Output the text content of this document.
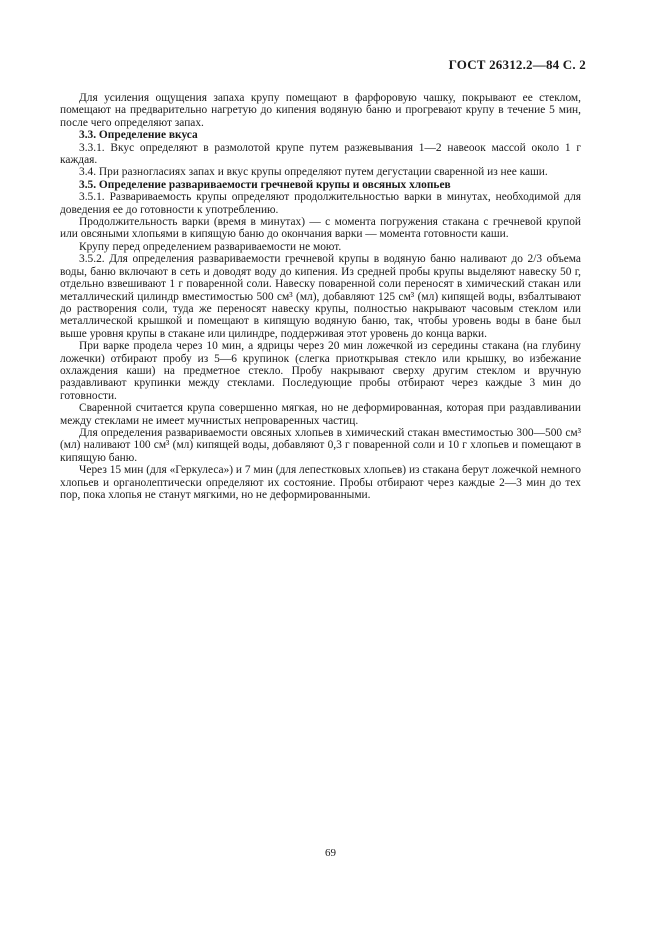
ГОСТ 26312.2—84 С. 2

Для усиления ощущения запаха крупу помещают в фарфоровую чашку, покрывают ее стеклом, помещают на предварительно нагретую до кипения водяную баню и прогревают крупу в течение 5 мин, после чего определяют запах.

3.3. Определение вкуса

3.3.1. Вкус определяют в размолотой крупе путем разжевывания 1—2 навеоок массой около 1 г каждая.

3.4. При разногласиях запах и вкус крупы определяют путем дегустации сваренной из нее каши.

3.5. Определение развариваемости гречневой крупы и овсяных хлопьев

3.5.1. Развариваемость крупы определяют продолжительностью варки в минутах, необходимой для доведения ее до готовности к употреблению.

Продолжительность варки (время в минутах) — с момента погружения стакана с гречневой крупой или овсяными хлопьями в кипящую баню до окончания варки — момента готовности каши.

Крупу перед определением развариваемости не моют.

3.5.2. Для определения развариваемости гречневой крупы в водяную баню наливают до 2/3 объема воды, баню включают в сеть и доводят воду до кипения. Из средней пробы крупы выделяют навеску 50 г, отдельно взвешивают 1 г поваренной соли. Навеску поваренной соли переносят в химический стакан или металлический цилиндр вместимостью 500 см³ (мл), добавляют 125 см³ (мл) кипящей воды, взбалтывают до растворения соли, туда же переносят навеску крупы, полностью накрывают часовым стеклом или металлической крышкой и помещают в кипящую водяную баню, так, чтобы уровень воды в бане был выше уровня крупы в стакане или цилиндре, поддерживая этот уровень до конца варки.

При варке продела через 10 мин, а ядрицы через 20 мин ложечкой из середины стакана (на глубину ложечки) отбирают пробу из 5—6 крупинок (слегка приоткрывая стекло или крышку, во избежание охлаждения каши) на предметное стекло. Пробу накрывают сверху другим стеклом и вручную раздавливают крупинки между стеклами. Последующие пробы отбирают через каждые 3 мин до готовности.

Сваренной считается крупа совершенно мягкая, но не деформированная, которая при раздавливании между стеклами не имеет мучнистых непроваренных частиц.

Для определения развариваемости овсяных хлопьев в химический стакан вместимостью 300—500 см³ (мл) наливают 100 см³ (мл) кипящей воды, добавляют 0,3 г поваренной соли и 10 г хлопьев и помещают в кипящую баню.

Через 15 мин (для «Геркулеса») и 7 мин (для лепестковых хлопьев) из стакана берут ложечкой немного хлопьев и органолептически определяют их состояние. Пробы отбирают через каждые 2—3 мин до тех пор, пока хлопья не станут мягкими, но не деформированными.

69
